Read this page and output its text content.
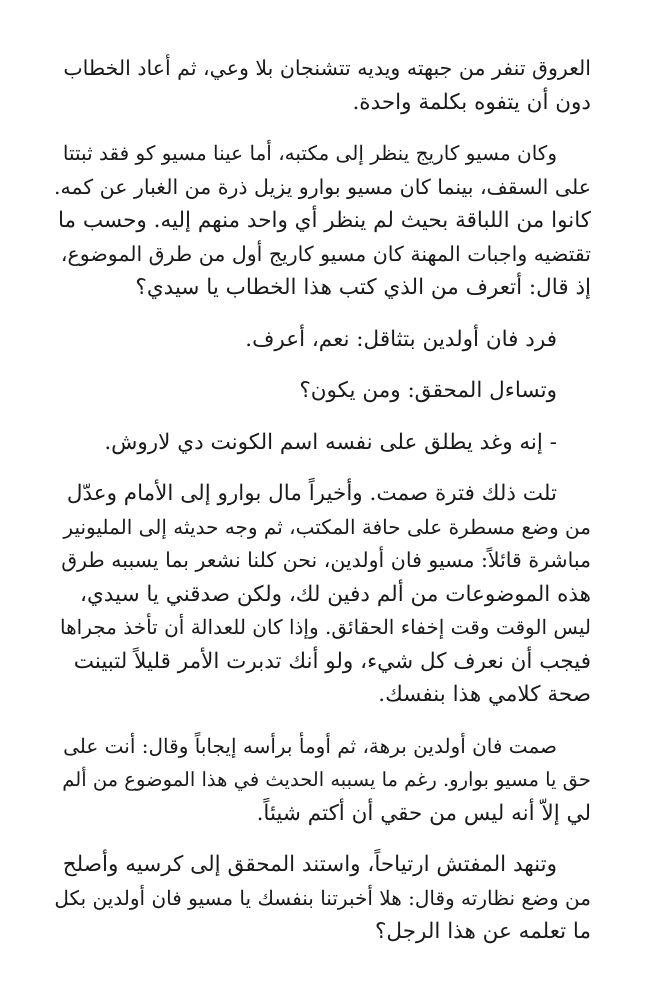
العروق تنفر من جبهته ويديه تتشنجان بلا وعي، ثم أعاد الخطاب
دون أن يتفوه بكلمة واحدة.

وكان مسيو كاريج ينظر إلى مكتبه، أما عينا مسيو كو فقد ثبتتا
على السقف، بينما كان مسيو بوارو يزيل ذرة من الغبار عن كمه.
كانوا من اللباقة بحيث لم ينظر أي واحد منهم إليه. وحسب ما
تقتضيه واجبات المهنة كان مسيو كاريج أول من طرق الموضوع،
إذ قال: أتعرف من الذي كتب هذا الخطاب يا سيدي؟

فرد فان أولدين بتثاقل: نعم، أعرف.

وتساءل المحقق: ومن يكون؟

- إنه وغد يطلق على نفسه اسم الكونت دي لاروش.

تلت ذلك فترة صمت. وأخيراً مال بوارو إلى الأمام وعدّل
من وضع مسطرة على حافة المكتب، ثم وجه حديثه إلى المليونير
مباشرة قائلاً: مسيو فان أولدين، نحن كلنا نشعر بما يسببه طرق
هذه الموضوعات من ألم دفين لك، ولكن صدقني يا سيدي،
ليس الوقت وقت إخفاء الحقائق. وإذا كان للعدالة أن تأخذ مجراها
فيجب أن نعرف كل شيء، ولو أنك تدبرت الأمر قليلاً لتبينت
صحة كلامي هذا بنفسك.

صمت فان أولدين برهة، ثم أومأ برأسه إيجاباً وقال: أنت على
حق يا مسيو بوارو. رغم ما يسببه الحديث في هذا الموضوع من ألم
لي إلاّ أنه ليس من حقي أن أكتم شيئاً.

وتنهد المفتش ارتياحاً، واستند المحقق إلى كرسيه وأصلح
من وضع نظارته وقال: هلا أخبرتنا بنفسك يا مسيو فان أولدين بكل
ما تعلمه عن هذا الرجل؟
